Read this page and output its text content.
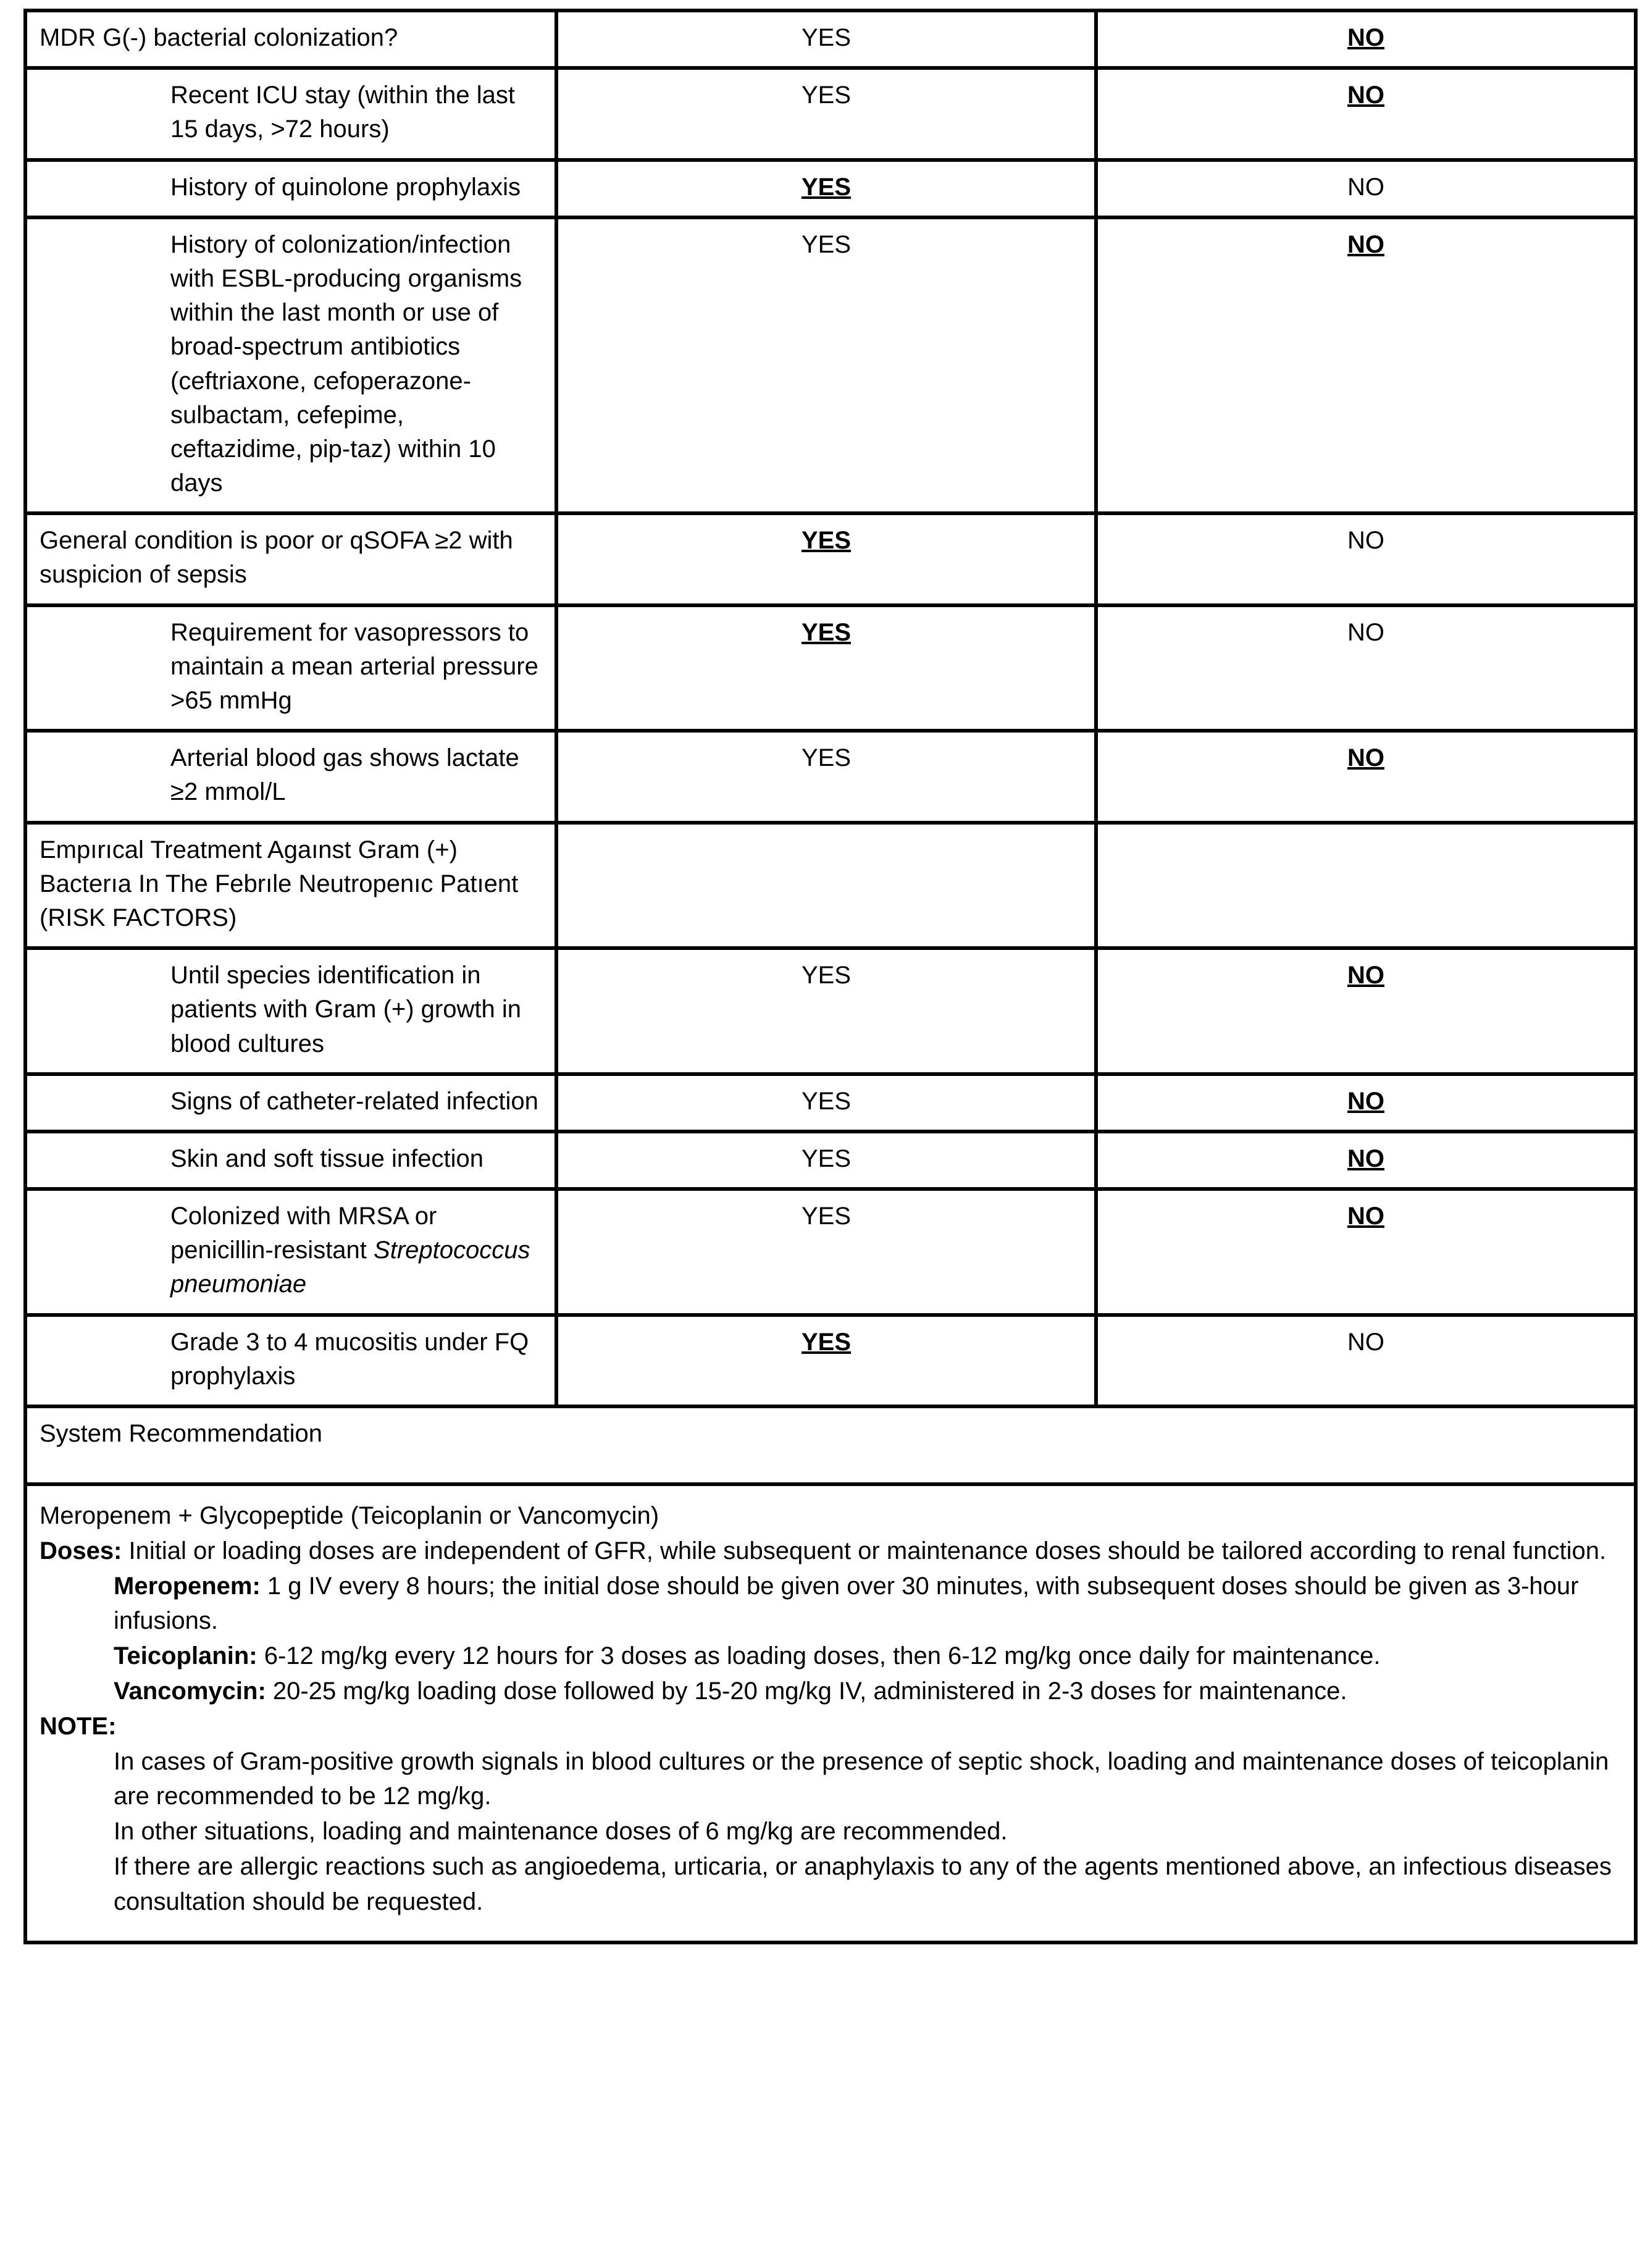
MDR G(-) bacterial colonization?	YES	NO

Recent ICU stay (within the last 15 days, >72 hours)	YES	NO

History of quinolone prophylaxis	YES	NO

History of colonization/infection with ESBL-producing organisms within the last month or use of broad-spectrum antibiotics (ceftriaxone, cefoperazone-sulbactam, cefepime, ceftazidime, pip-taz) within 10 days	YES	NO

General condition is poor or qSOFA ≥2 with suspicion of sepsis	YES	NO

Requirement for vasopressors to maintain a mean arterial pressure >65 mmHg	YES	NO

Arterial blood gas shows lactate ≥2 mmol/L	YES	NO

Empırıcal Treatment Agaınst Gram (+) Bacterıa In The Febrıle Neutropenıc Patıent (RISK FACTORS)		

Until species identification in patients with Gram (+) growth in blood cultures	YES	NO

Signs of catheter-related infection	YES	NO

Skin and soft tissue infection	YES	NO

Colonized with MRSA or penicillin-resistant Streptococcus pneumoniae	YES	NO

Grade 3 to 4 mucositis under FQ prophylaxis	YES	NO
System Recommendation

Meropenem + Glycopeptide (Teicoplanin or Vancomycin)

Doses: Initial or loading doses are independent of GFR, while subsequent or maintenance doses should be tailored according to renal function.

Meropenem: 1 g IV every 8 hours; the initial dose should be given over 30 minutes, with subsequent doses should be given as 3-hour infusions.

Teicoplanin: 6-12 mg/kg every 12 hours for 3 doses as loading doses, then 6-12 mg/kg once daily for maintenance.

Vancomycin: 20-25 mg/kg loading dose followed by 15-20 mg/kg IV, administered in 2-3 doses for maintenance.

NOTE:

In cases of Gram-positive growth signals in blood cultures or the presence of septic shock, loading and maintenance doses of teicoplanin are recommended to be 12 mg/kg.

In other situations, loading and maintenance doses of 6 mg/kg are recommended.

If there are allergic reactions such as angioedema, urticaria, or anaphylaxis to any of the agents mentioned above, an infectious diseases consultation should be requested.
